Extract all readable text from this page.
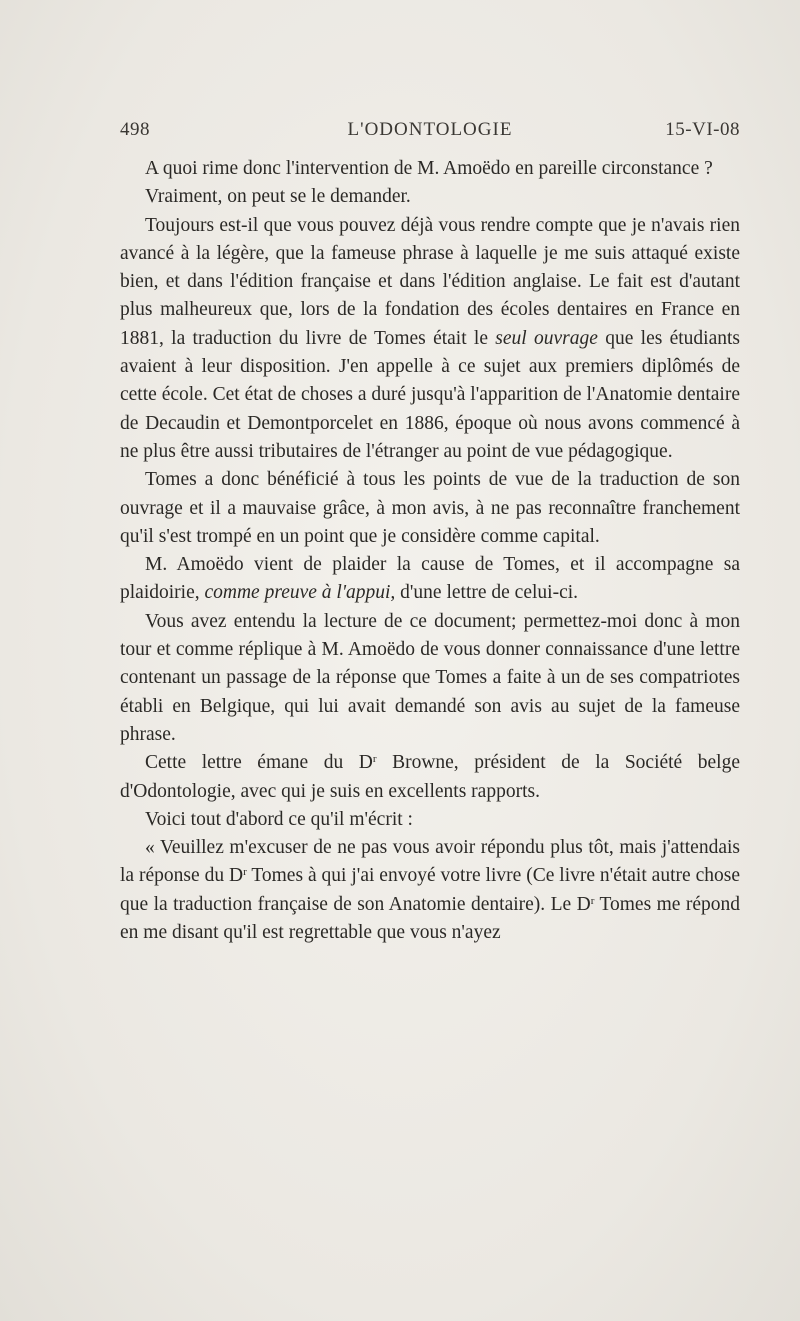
498	L'ODONTOLOGIE	15-VI-08

A quoi rime donc l'intervention de M. Amoëdo en pareille circonstance ?

Vraiment, on peut se le demander.

Toujours est-il que vous pouvez déjà vous rendre compte que je n'avais rien avancé à la légère, que la fameuse phrase à laquelle je me suis attaqué existe bien, et dans l'édition française et dans l'édition anglaise. Le fait est d'autant plus malheureux que, lors de la fondation des écoles dentaires en France en 1881, la traduction du livre de Tomes était le seul ouvrage que les étudiants avaient à leur disposition. J'en appelle à ce sujet aux premiers diplômés de cette école. Cet état de choses a duré jusqu'à l'apparition de l'Anatomie dentaire de Decaudin et Demontporcelet en 1886, époque où nous avons commencé à ne plus être aussi tributaires de l'étranger au point de vue pédagogique.

Tomes a donc bénéficié à tous les points de vue de la traduction de son ouvrage et il a mauvaise grâce, à mon avis, à ne pas reconnaître franchement qu'il s'est trompé en un point que je considère comme capital.

M. Amoëdo vient de plaider la cause de Tomes, et il accompagne sa plaidoirie, comme preuve à l'appui, d'une lettre de celui-ci.

Vous avez entendu la lecture de ce document; permettez-moi donc à mon tour et comme réplique à M. Amoëdo de vous donner connaissance d'une lettre contenant un passage de la réponse que Tomes a faite à un de ses compatriotes établi en Belgique, qui lui avait demandé son avis au sujet de la fameuse phrase.

Cette lettre émane du $D^r$ Browne, président de la Société belge d'Odontologie, avec qui je suis en excellents rapports.

Voici tout d'abord ce qu'il m'écrit :

« Veuillez m'excuser de ne pas vous avoir répondu plus tôt, mais j'attendais la réponse du $D^r$ Tomes à qui j'ai envoyé votre livre (Ce livre n'était autre chose que la traduction française de son Anatomie dentaire). Le $D^r$ Tomes me répond en me disant qu'il est regrettable que vous n'ayez
